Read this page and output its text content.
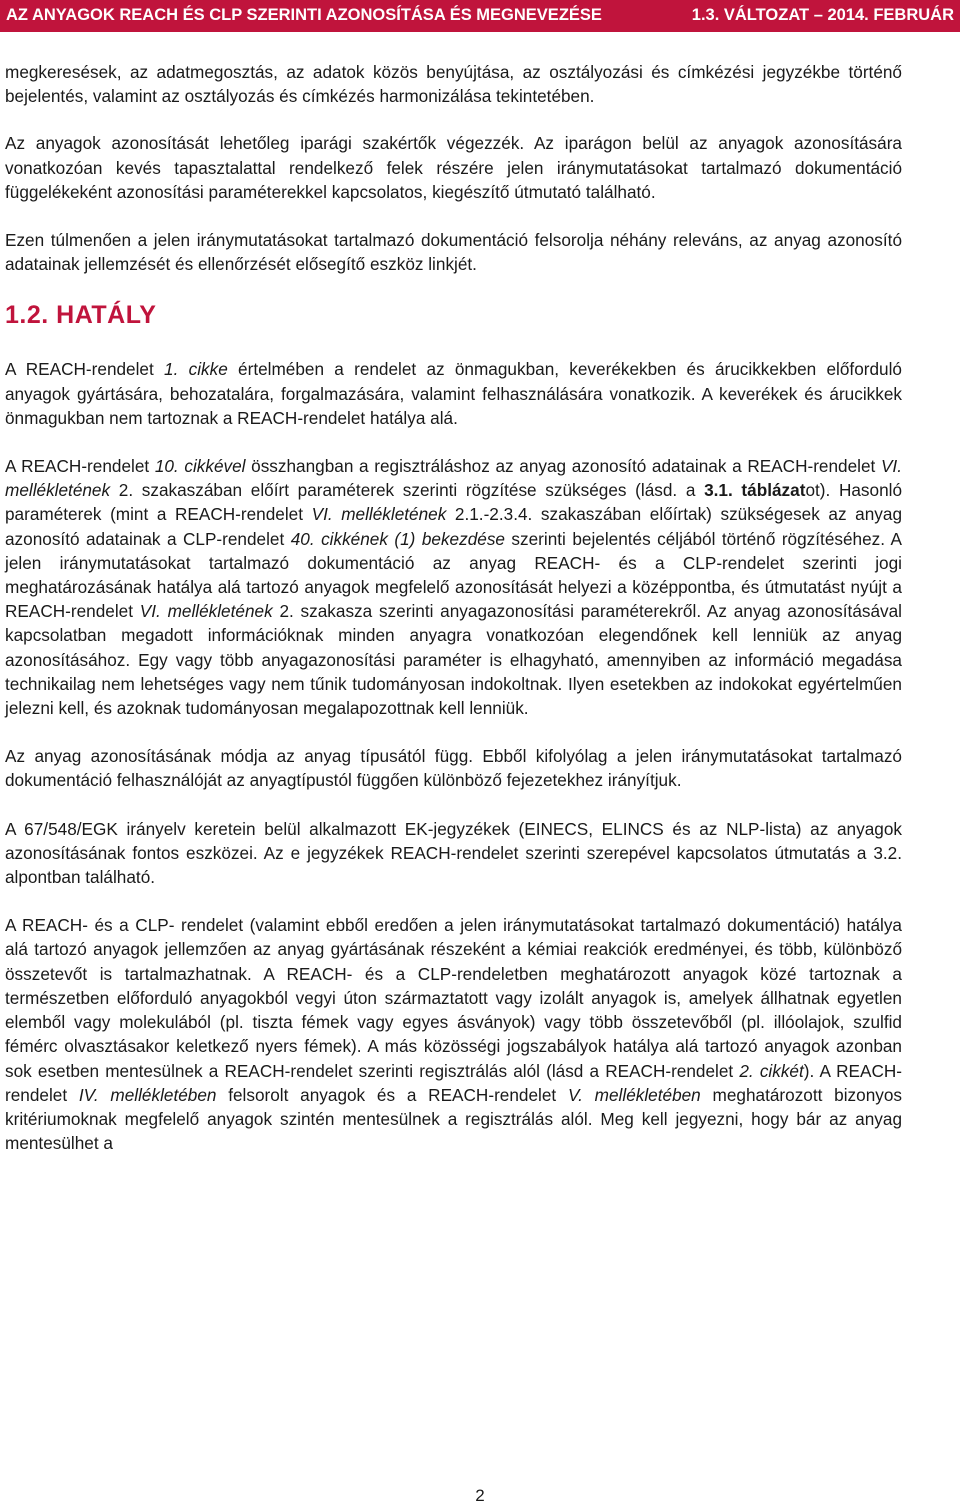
AZ ANYAGOK REACH ÉS CLP SZERINTI AZONOSÍTÁSA ÉS MEGNEVEZÉSE	1.3. VÁLTOZAT – 2014. FEBRUÁR

megkeresések, az adatmegosztás, az adatok közös benyújtása, az osztályozási és címkézési jegyzékbe történő bejelentés, valamint az osztályozás és címkézés harmonizálása tekintetében.

Az anyagok azonosítását lehetőleg iparági szakértők végezzék. Az iparágon belül az anyagok azonosítására vonatkozóan kevés tapasztalattal rendelkező felek részére jelen iránymutatásokat tartalmazó dokumentáció függelékeként azonosítási paraméterekkel kapcsolatos, kiegészítő útmutató található.

Ezen túlmenően a jelen iránymutatásokat tartalmazó dokumentáció felsorolja néhány releváns, az anyag azonosító adatainak jellemzését és ellenőrzését elősegítő eszköz linkjét.

1.2. HATÁLY

A REACH-rendelet 1. cikke értelmében a rendelet az önmagukban, keverékekben és árucikkekben előforduló anyagok gyártására, behozatalára, forgalmazására, valamint felhasználására vonatkozik. A keverékek és árucikkek önmagukban nem tartoznak a REACH-rendelet hatálya alá.

A REACH-rendelet 10. cikkével összhangban a regisztráláshoz az anyag azonosító adatainak a REACH-rendelet VI. mellékletének 2. szakaszában előírt paraméterek szerinti rögzítése szükséges (lásd. a 3.1. táblázatot). Hasonló paraméterek (mint a REACH-rendelet VI. mellékletének 2.1.-2.3.4. szakaszában előírtak) szükségesek az anyag azonosító adatainak a CLP-rendelet 40. cikkének (1) bekezdése szerinti bejelentés céljából történő rögzítéséhez. A jelen iránymutatásokat tartalmazó dokumentáció az anyag REACH- és a CLP-rendelet szerinti jogi meghatározásának hatálya alá tartozó anyagok megfelelő azonosítását helyezi a középpontba, és útmutatást nyújt a REACH-rendelet VI. mellékletének 2. szakasza szerinti anyagazonosítási paraméterekről. Az anyag azonosításával kapcsolatban megadott információknak minden anyagra vonatkozóan elegendőnek kell lenniük az anyag azonosításához. Egy vagy több anyagazonosítási paraméter is elhagyható, amennyiben az információ megadása technikailag nem lehetséges vagy nem tűnik tudományosan indokoltnak. Ilyen esetekben az indokokat egyértelműen jelezni kell, és azoknak tudományosan megalapozottnak kell lenniük.

Az anyag azonosításának módja az anyag típusától függ. Ebből kifolyólag a jelen iránymutatásokat tartalmazó dokumentáció felhasználóját az anyagtípustól függően különböző fejezetekhez irányítjuk.

A 67/548/EGK irányelv keretein belül alkalmazott EK-jegyzékek (EINECS, ELINCS és az NLP-lista) az anyagok azonosításának fontos eszközei. Az e jegyzékek REACH-rendelet szerinti szerepével kapcsolatos útmutatás a 3.2. alpontban található.

A REACH- és a CLP- rendelet (valamint ebből eredően a jelen iránymutatásokat tartalmazó dokumentáció) hatálya alá tartozó anyagok jellemzően az anyag gyártásának részeként a kémiai reakciók eredményei, és több, különböző összetevőt is tartalmazhatnak. A REACH- és a CLP-rendeletben meghatározott anyagok közé tartoznak a természetben előforduló anyagokból vegyi úton származtatott vagy izolált anyagok is, amelyek állhatnak egyetlen elemből vagy molekulából (pl. tiszta fémek vagy egyes ásványok) vagy több összetevőből (pl. illóolajok, szulfid fémérc olvasztásakor keletkező nyers fémek). A más közösségi jogszabályok hatálya alá tartozó anyagok azonban sok esetben mentesülnek a REACH-rendelet szerinti regisztrálás alól (lásd a REACH-rendelet 2. cikkét). A REACH-rendelet IV. mellékletében felsorolt anyagok és a REACH-rendelet V. mellékletében meghatározott bizonyos kritériumoknak megfelelő anyagok szintén mentesülnek a regisztrálás alól. Meg kell jegyezni, hogy bár az anyag mentesülhet a

2
